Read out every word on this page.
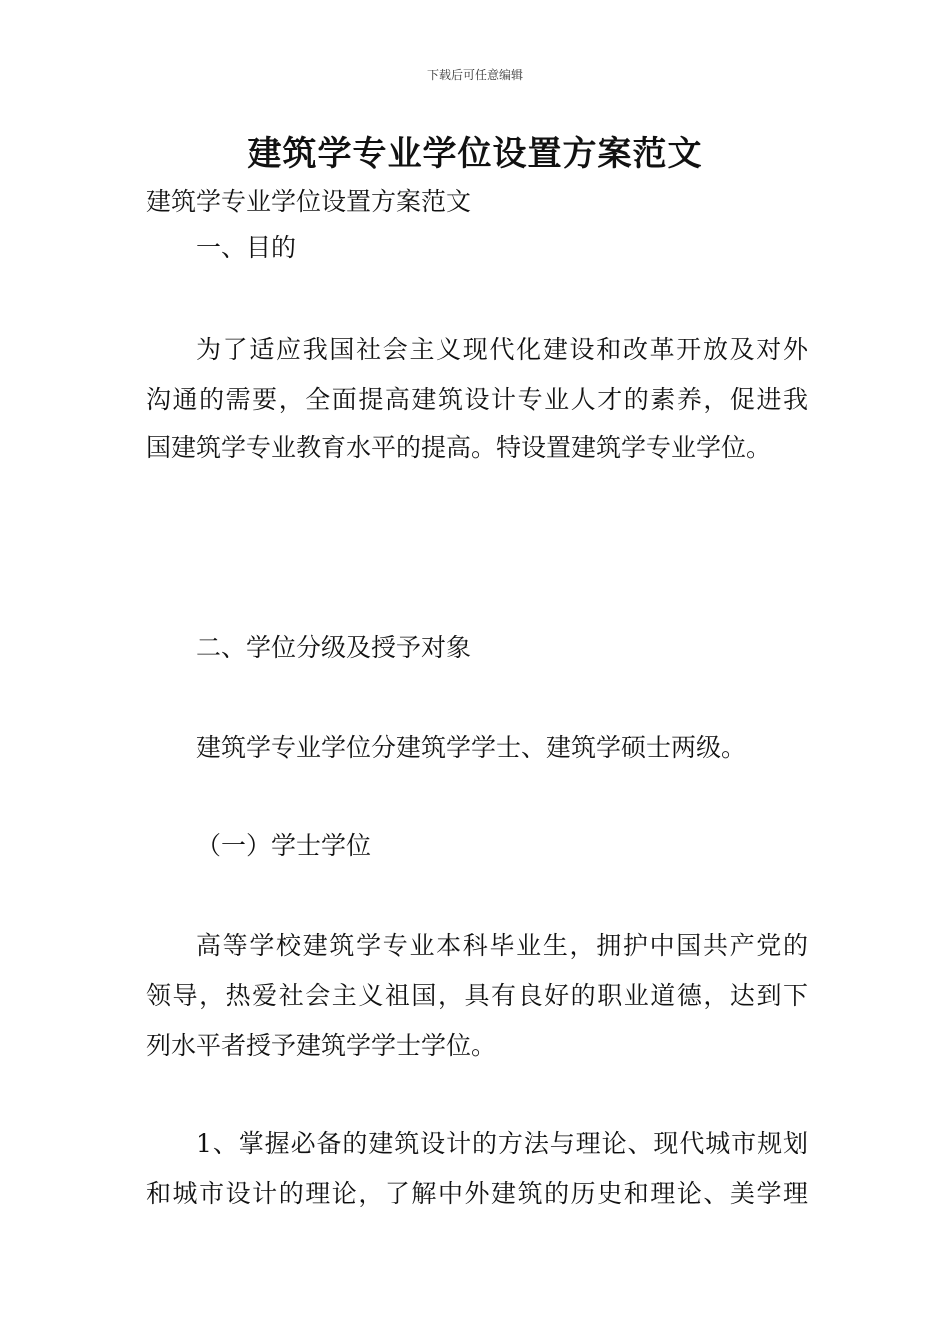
下载后可任意编辑
建筑学专业学位设置方案范文
建筑学专业学位设置方案范文
一、目的
为了适应我国社会主义现代化建设和改革开放及对外
沟通的需要，全面提高建筑设计专业人才的素养，促进我
国建筑学专业教育水平的提高。特设置建筑学专业学位。
二、学位分级及授予对象
建筑学专业学位分建筑学学士、建筑学硕士两级。
（一）学士学位
高等学校建筑学专业本科毕业生，拥护中国共产党的
领导，热爱社会主义祖国，具有良好的职业道德，达到下
列水平者授予建筑学学士学位。
1、掌握必备的建筑设计的方法与理论、现代城市规划
和城市设计的理论，了解中外建筑的历史和理论、美学理
